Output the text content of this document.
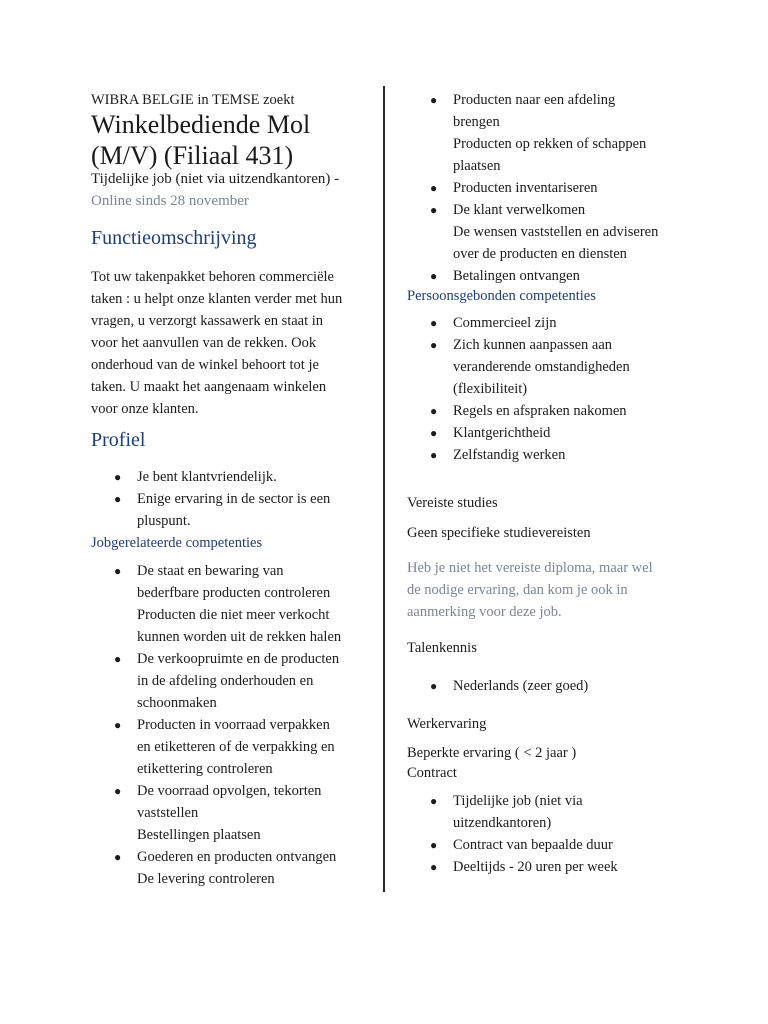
WIBRA BELGIE in TEMSE zoekt
Winkelbediende Mol
(M/V) (Filiaal 431)
Tijdelijke job (niet via uitzendkantoren) -
Online sinds 28 november
Functieomschrijving

Tot uw takenpakket behoren commerciële
taken : u helpt onze klanten verder met hun
vragen, u verzorgt kassawerk en staat in
voor het aanvullen van de rekken. Ook
onderhoud van de winkel behoort tot je
taken. U maakt het aangenaam winkelen
voor onze klanten.

Profiel
● Je bent klantvriendelijk.
● Enige ervaring in de sector is een
pluspunt.
Jobgerelateerde competenties
● De staat en bewaring van
bederfbare producten controleren
Producten die niet meer verkocht
kunnen worden uit de rekken halen
● De verkoopruimte en de producten
in de afdeling onderhouden en
schoonmaken
● Producten in voorraad verpakken
en etiketteren of de verpakking en
etikettering controleren
● De voorraad opvolgen, tekorten
vaststellen
Bestellingen plaatsen
● Goederen en producten ontvangen
De levering controleren
● Producten naar een afdeling
brengen
Producten op rekken of schappen
plaatsen
● Producten inventariseren
● De klant verwelkomen
De wensen vaststellen en adviseren
over de producten en diensten
● Betalingen ontvangen
Persoonsgebonden competenties
● Commercieel zijn
● Zich kunnen aanpassen aan
veranderende omstandigheden
(flexibiliteit)
● Regels en afspraken nakomen
● Klantgerichtheid
● Zelfstandig werken
Vereiste studies
Geen specifieke studievereisten

Heb je niet het vereiste diploma, maar wel
de nodige ervaring, dan kom je ook in
aanmerking voor deze job.

Talenkennis
● Nederlands (zeer goed)
Werkervaring
Beperkte ervaring ( < 2 jaar )
Contract
● Tijdelijke job (niet via
uitzendkantoren)
● Contract van bepaalde duur
● Deeltijds - 20 uren per week
